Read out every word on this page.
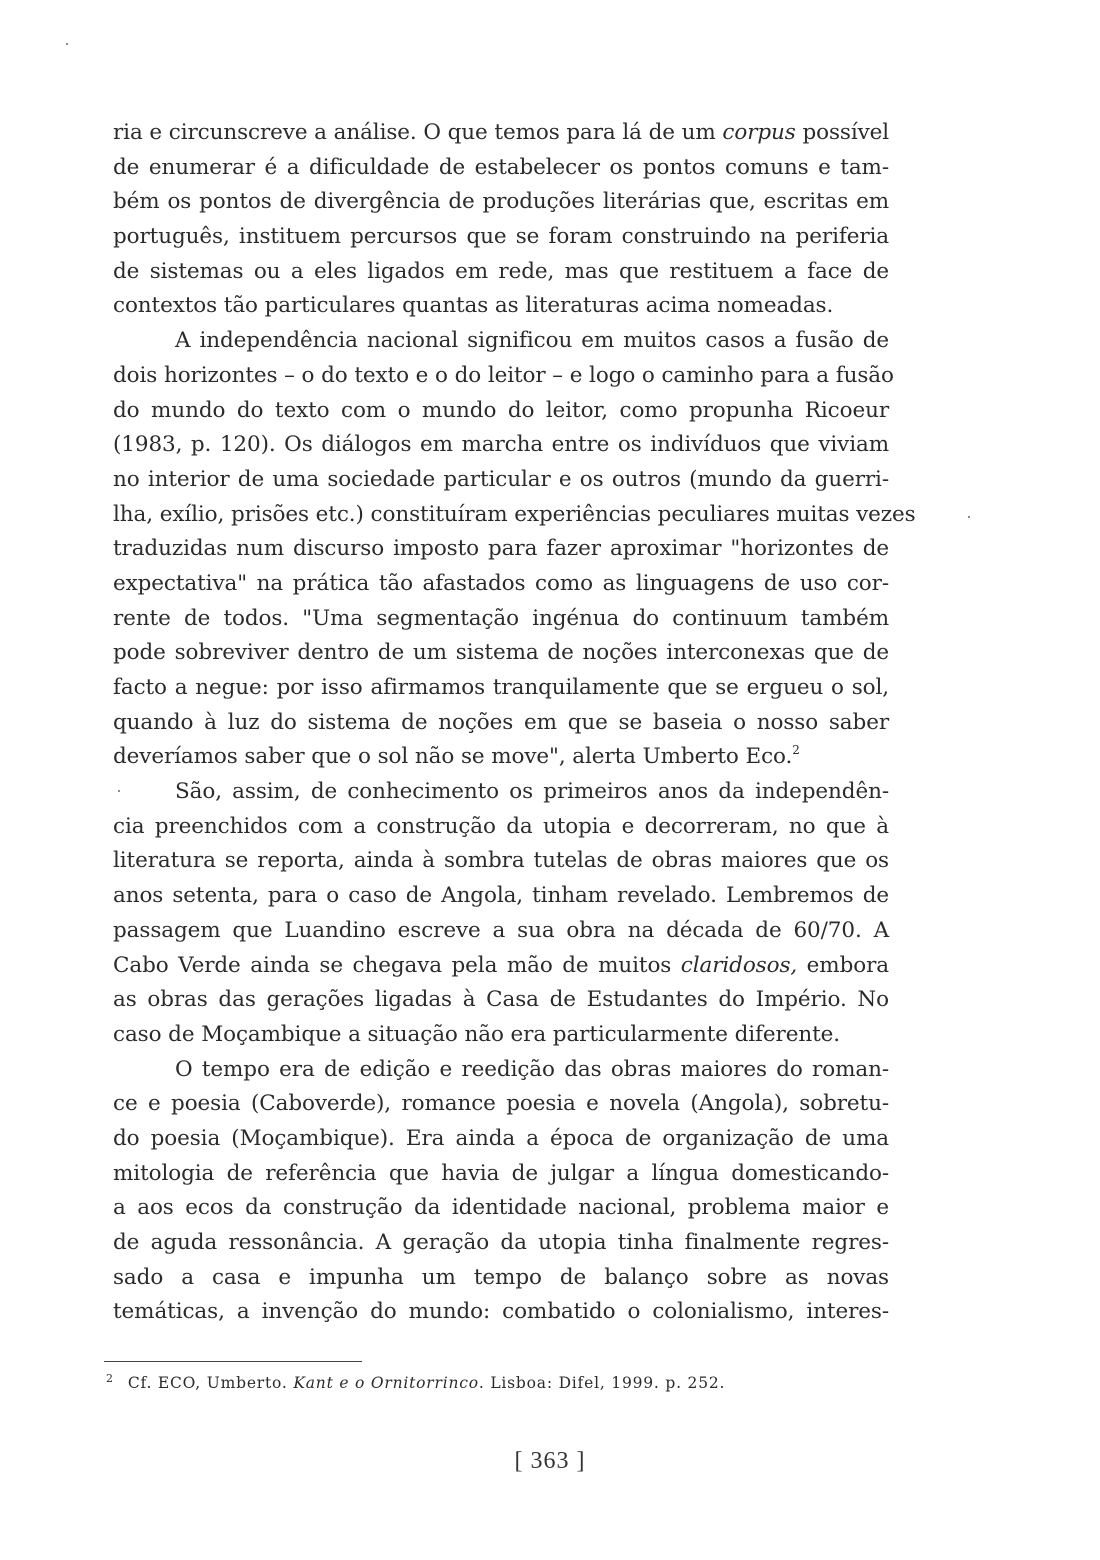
ria e circunscreve a análise. O que temos para lá de um corpus possível
de enumerar é a dificuldade de estabelecer os pontos comuns e tam-
bém os pontos de divergência de produções literárias que, escritas em
português, instituem percursos que se foram construindo na periferia
de sistemas ou a eles ligados em rede, mas que restituem a face de
contextos tão particulares quantas as literaturas acima nomeadas.
A independência nacional significou em muitos casos a fusão de
dois horizontes – o do texto e o do leitor – e logo o caminho para a fusão
do mundo do texto com o mundo do leitor, como propunha Ricoeur
(1983, p. 120). Os diálogos em marcha entre os indivíduos que viviam
no interior de uma sociedade particular e os outros (mundo da guerri-
lha, exílio, prisões etc.) constituíram experiências peculiares muitas vezes
traduzidas num discurso imposto para fazer aproximar "horizontes de
expectativa" na prática tão afastados como as linguagens de uso cor-
rente de todos. "Uma segmentação ingénua do continuum também
pode sobreviver dentro de um sistema de noções interconexas que de
facto a negue: por isso afirmamos tranquilamente que se ergueu o sol,
quando à luz do sistema de noções em que se baseia o nosso saber
deveríamos saber que o sol não se move", alerta Umberto Eco.$^2$
São, assim, de conhecimento os primeiros anos da independên-
cia preenchidos com a construção da utopia e decorreram, no que à
literatura se reporta, ainda à sombra tutelas de obras maiores que os
anos setenta, para o caso de Angola, tinham revelado. Lembremos de
passagem que Luandino escreve a sua obra na década de 60/70. A
Cabo Verde ainda se chegava pela mão de muitos claridosos, embora
as obras das gerações ligadas à Casa de Estudantes do Império. No
caso de Moçambique a situação não era particularmente diferente.
O tempo era de edição e reedição das obras maiores do roman-
ce e poesia (Caboverde), romance poesia e novela (Angola), sobretu-
do poesia (Moçambique). Era ainda a época de organização de uma
mitologia de referência que havia de julgar a língua domesticando-
a aos ecos da construção da identidade nacional, problema maior e
de aguda ressonância. A geração da utopia tinha finalmente regres-
sado a casa e impunha um tempo de balanço sobre as novas
temáticas, a invenção do mundo: combatido o colonialismo, interes-
$^2$ Cf. ECO, Umberto. Kant e o Ornitorrinco. Lisboa: Difel, 1999. p. 252.
[ 363 ]
